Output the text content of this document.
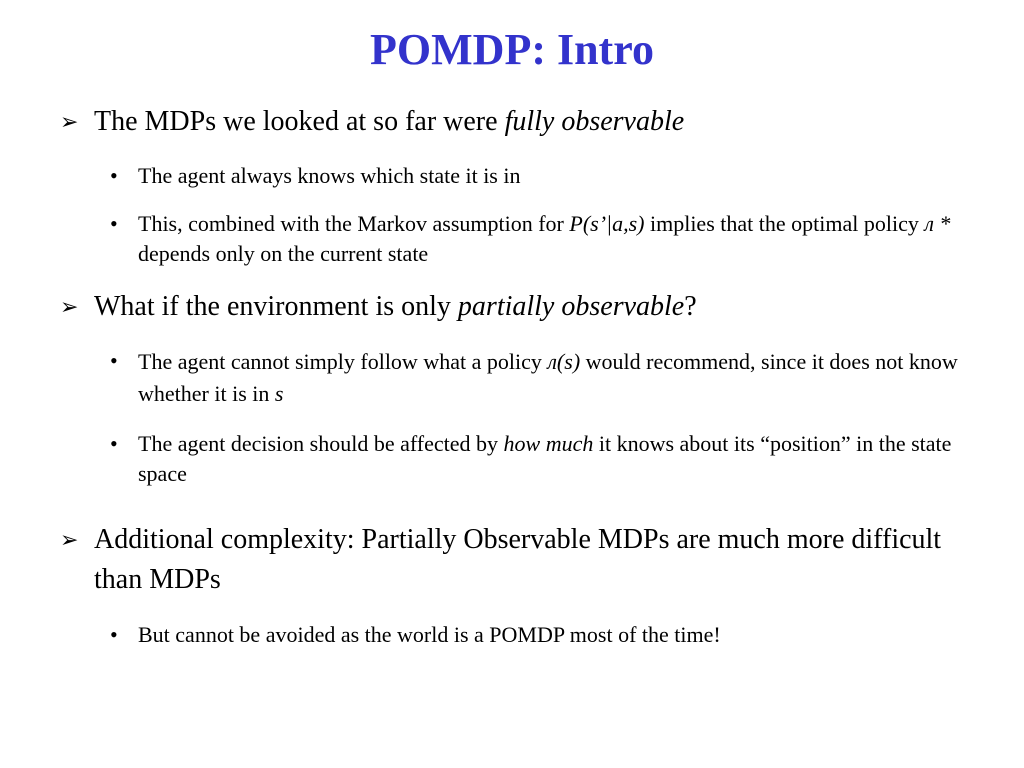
POMDP: Intro
➢ The MDPs we looked at so far were fully observable
• The agent always knows which state it is in
• This, combined with the Markov assumption for P(s’|a,s) implies that the optimal policy л * depends only on the current state
➢ What if the environment is only partially observable?
• The agent cannot simply follow what a policy л(s) would recommend, since it does not know whether it is in s
• The agent decision should be affected by how much it knows about its “position” in the state space
➢ Additional complexity: Partially Observable MDPs are much more difficult than MDPs
• But cannot be avoided as the world is a POMDP most of the time!
